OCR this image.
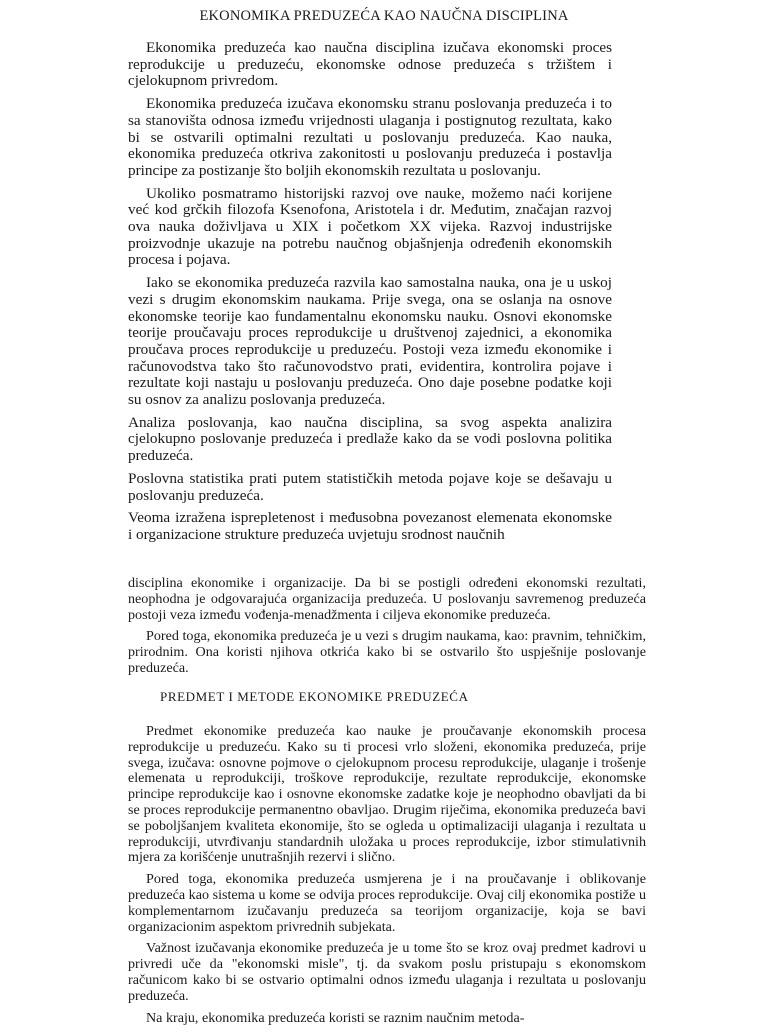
EKONOMIKA PREDUZEĆA KAO NAUČNA DISCIPLINA

Ekonomika preduzeća kao naučna disciplina izučava ekonomski proces reprodukcije u preduzeću, ekonomske odnose preduzeća s tržištem i cjelokupnom privredom.

Ekonomika preduzeća izučava ekonomsku stranu poslovanja preduzeća i to sa stanovišta odnosa između vrijednosti ulaganja i postignutog rezultata, kako bi se ostvarili optimalni rezultati u poslovanju preduzeća. Kao nauka, ekonomika preduzeća otkriva zakonitosti u poslovanju preduzeća i postavlja principe za postizanje što boljih ekonomskih rezultata u poslovanju.

Ukoliko posmatramo historijski razvoj ove nauke, možemo naći korijene već kod grčkih filozofa Ksenofona, Aristotela i dr. Međutim, značajan razvoj ova nauka doživljava u XIX i početkom XX vijeka. Razvoj industrijske proizvodnje ukazuje na potrebu naučnog objašnjenja određenih ekonomskih procesa i pojava.

Iako se ekonomika preduzeća razvila kao samostalna nauka, ona je u uskoj vezi s drugim ekonomskim naukama. Prije svega, ona se oslanja na osnove ekonomske teorije kao fundamentalnu ekonomsku nauku. Osnovi ekonomske teorije proučavaju proces reprodukcije u društvenoj zajednici, a ekonomika proučava proces reprodukcije u preduzeću. Postoji veza između ekonomike i računovodstva tako što računovodstvo prati, evidentira, kontrolira pojave i rezultate koji nastaju u poslovanju preduzeća. Ono daje posebne podatke koji su osnov za analizu poslovanja preduzeća.

Analiza poslovanja, kao naučna disciplina, sa svog aspekta analizira cjelokupno poslovanje preduzeća i predlaže kako da se vodi poslovna politika preduzeća.

Poslovna statistika prati putem statističkih metoda pojave koje se dešavaju u poslovanju preduzeća.

Veoma izražena isprepletenost i međusobna povezanost elemenata ekonomske i organizacione strukture preduzeća uvjetuju srodnost naučnih

disciplina ekonomike i organizacije. Da bi se postigli određeni ekonomski rezultati, neophodna je odgovarajuća organizacija preduzeća. U poslovanju savremenog preduzeća postoji veza između vođenja-menadžmenta i ciljeva ekonomike preduzeća.

Pored toga, ekonomika preduzeća je u vezi s drugim naukama, kao: pravnim, tehničkim, prirodnim. Ona koristi njihova otkrića kako bi se ostvarilo što uspješnije poslovanje preduzeća.

PREDMET I METODE EKONOMIKE PREDUZEĆA

Predmet ekonomike preduzeća kao nauke je proučavanje ekonomskih procesa reprodukcije u preduzeću. Kako su ti procesi vrlo složeni, ekonomika preduzeća, prije svega, izučava: osnovne pojmove o cjelokupnom procesu reprodukcije, ulaganje i trošenje elemenata u reprodukciji, troškove reprodukcije, rezultate reprodukcije, ekonomske principe reprodukcije kao i osnovne ekonomske zadatke koje je neophodno obavljati da bi se proces reprodukcije permanentno obavljao. Drugim riječima, ekonomika preduzeća bavi se poboljšanjem kvaliteta ekonomije, što se ogleda u optimalizaciji ulaganja i rezultata u reprodukciji, utvrđivanju standardnih uložaka u proces reprodukcije, izbor stimulativnih mjera za korišćenje unutrašnjih rezervi i slično.

Pored toga, ekonomika preduzeća usmjerena je i na proučavanje i oblikovanje preduzeća kao sistema u kome se odvija proces reprodukcije. Ovaj cilj ekonomika postiže u komplementarnom izučavanju preduzeća sa teorijom organizacije, koja se bavi organizacionim aspektom privrednih subjekata.

Važnost izučavanja ekonomike preduzeća je u tome što se kroz ovaj predmet kadrovi u privredi uče da "ekonomski misle", tj. da svakom poslu pristupaju s ekonomskom računicom kako bi se ostvario optimalni odnos između ulaganja i rezultata u poslovanju preduzeća.

Na kraju, ekonomika preduzeća koristi se raznim naučnim metoda-
